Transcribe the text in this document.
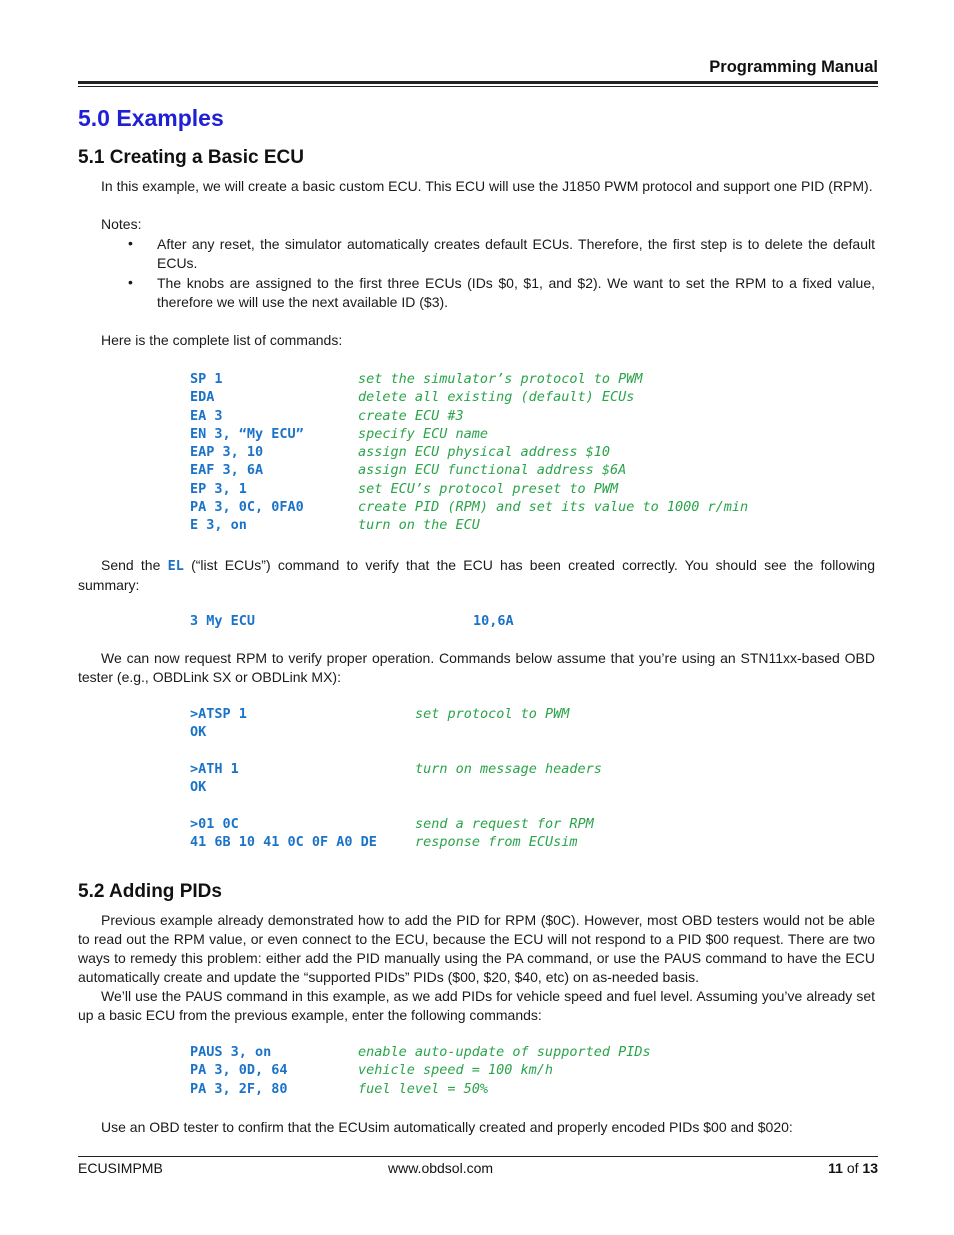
Programming Manual
5.0 Examples
5.1 Creating a Basic ECU
In this example, we will create a basic custom ECU. This ECU will use the J1850 PWM protocol and support one PID (RPM).
Notes:
• After any reset, the simulator automatically creates default ECUs. Therefore, the first step is to delete the default ECUs.
• The knobs are assigned to the first three ECUs (IDs $0, $1, and $2). We want to set the RPM to a fixed value, therefore we will use the next available ID ($3).
Here is the complete list of commands:
SP 1	set the simulator’s protocol to PWM
EDA	delete all existing (default) ECUs
EA 3	create ECU #3
EN 3, “My ECU”	specify ECU name
EAP 3, 10	assign ECU physical address $10
EAF 3, 6A	assign ECU functional address $6A
EP 3, 1	set ECU’s protocol preset to PWM
PA 3, 0C, 0FA0	create PID (RPM) and set its value to 1000 r/min
E 3, on	turn on the ECU
Send the EL (“list ECUs”) command to verify that the ECU has been created correctly. You should see the following summary:
3 My ECU	10,6A
We can now request RPM to verify proper operation. Commands below assume that you’re using an STN11xx-based OBD tester (e.g., OBDLink SX or OBDLink MX):
>ATSP 1	set protocol to PWM
OK
>ATH 1	turn on message headers
OK
>01 0C	send a request for RPM
41 6B 10 41 0C 0F A0 DE	response from ECUsim
5.2 Adding PIDs
Previous example already demonstrated how to add the PID for RPM ($0C). However, most OBD testers would not be able to read out the RPM value, or even connect to the ECU, because the ECU will not respond to a PID $00 request. There are two ways to remedy this problem: either add the PID manually using the PA command, or use the PAUS command to have the ECU automatically create and update the “supported PIDs” PIDs ($00, $20, $40, etc) on as-needed basis.
We’ll use the PAUS command in this example, as we add PIDs for vehicle speed and fuel level. Assuming you’ve already set up a basic ECU from the previous example, enter the following commands:
PAUS 3, on	enable auto-update of supported PIDs
PA 3, 0D, 64	vehicle speed = 100 km/h
PA 3, 2F, 80	fuel level = 50%
Use an OBD tester to confirm that the ECUsim automatically created and properly encoded PIDs $00 and $020:
ECUSIMPMB	www.obdsol.com	11 of 13
